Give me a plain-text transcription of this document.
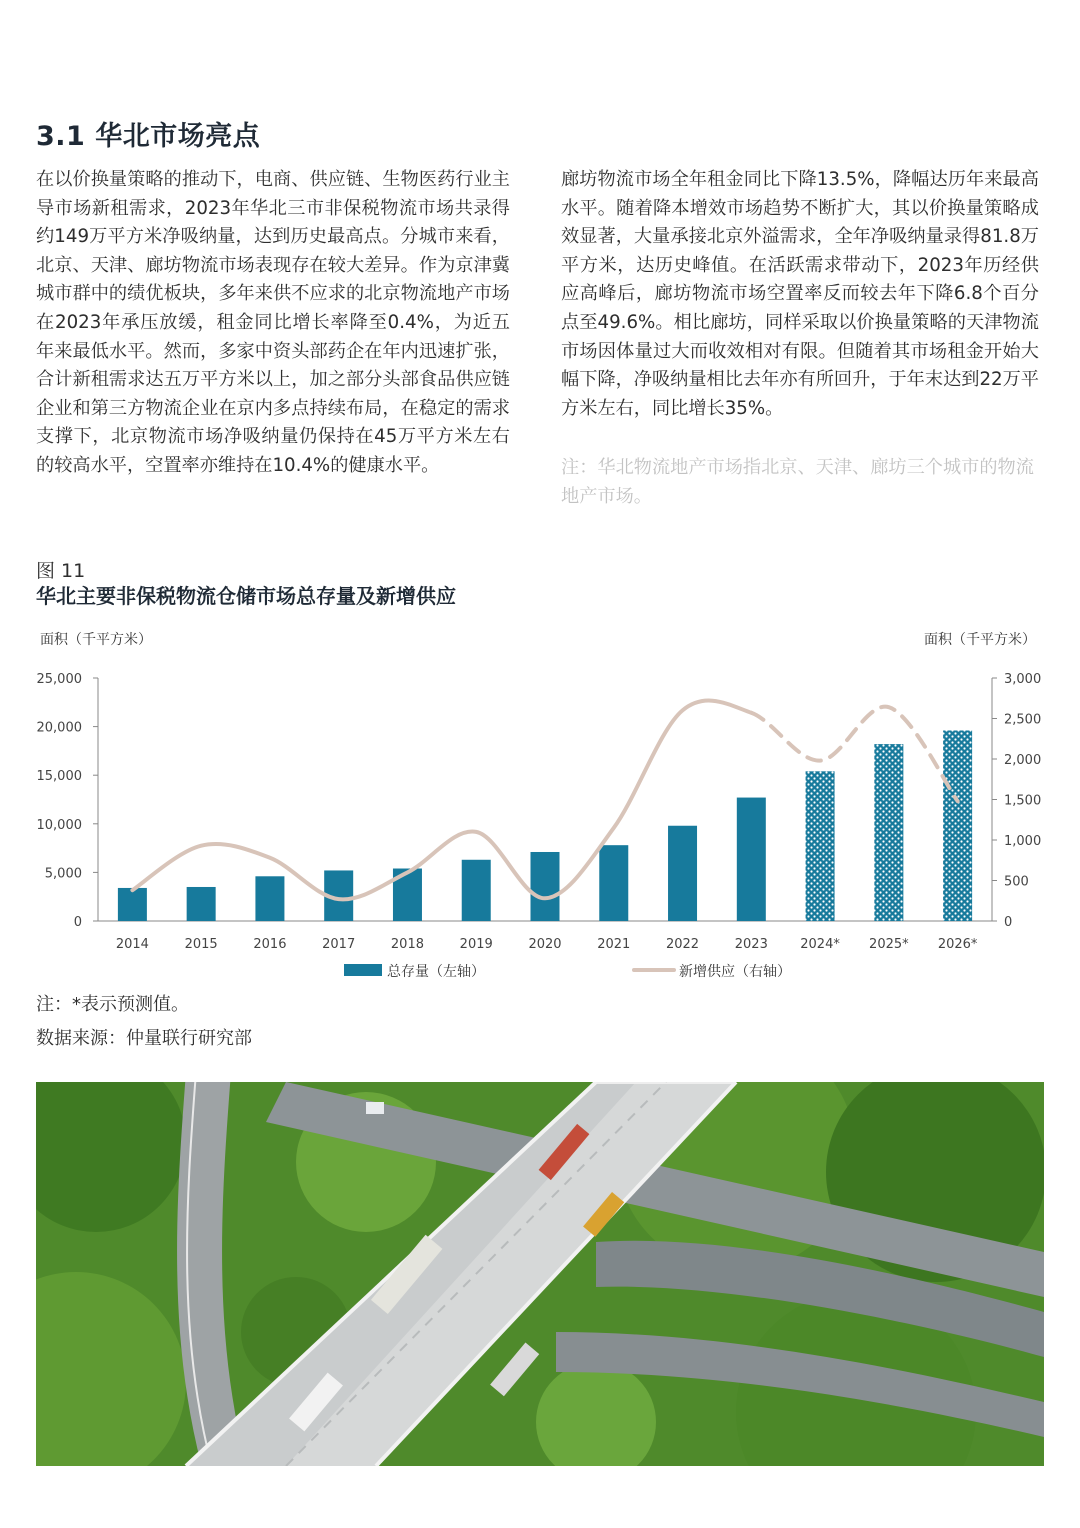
3.1 华北市场亮点

在以价换量策略的推动下，电商、供应链、生物医药行业主导市场新租需求，2023年华北三市非保税物流市场共录得约149万平方米净吸纳量，达到历史最高点。分城市来看，北京、天津、廊坊物流市场表现存在较大差异。作为京津冀城市群中的绩优板块，多年来供不应求的北京物流地产市场在2023年承压放缓，租金同比增长率降至0.4%，为近五年来最低水平。然而，多家中资头部药企在年内迅速扩张，合计新租需求达五万平方米以上，加之部分头部食品供应链企业和第三方物流企业在京内多点持续布局，在稳定的需求支撑下，北京物流市场净吸纳量仍保持在45万平方米左右的较高水平，空置率亦维持在10.4%的健康水平。

廊坊物流市场全年租金同比下降13.5%，降幅达历年来最高水平。随着降本增效市场趋势不断扩大，其以价换量策略成效显著，大量承接北京外溢需求，全年净吸纳量录得81.8万平方米，达历史峰值。在活跃需求带动下，2023年历经供应高峰后，廊坊物流市场空置率反而较去年下降6.8个百分点至49.6%。相比廊坊，同样采取以价换量策略的天津物流市场因体量过大而收效相对有限。但随着其市场租金开始大幅下降，净吸纳量相比去年亦有所回升，于年末达到22万平方米左右，同比增长35%。

注：华北物流地产市场指北京、天津、廊坊三个城市的物流地产市场。

图 11
华北主要非保税物流仓储市场总存量及新增供应
面积（千平方米）	面积（千平方米）
0
5,000
10,000
15,000
20,000
25,000
0
500
1,000
1,500
2,000
2,500
3,000
2014	2015	2016	2017	2018	2019	2020	2021	2022	2023 2024* 2025* 2026*
总存量（左轴）	新增供应（右轴）
注：*表示预测值。
数据来源：仲量联行研究部
